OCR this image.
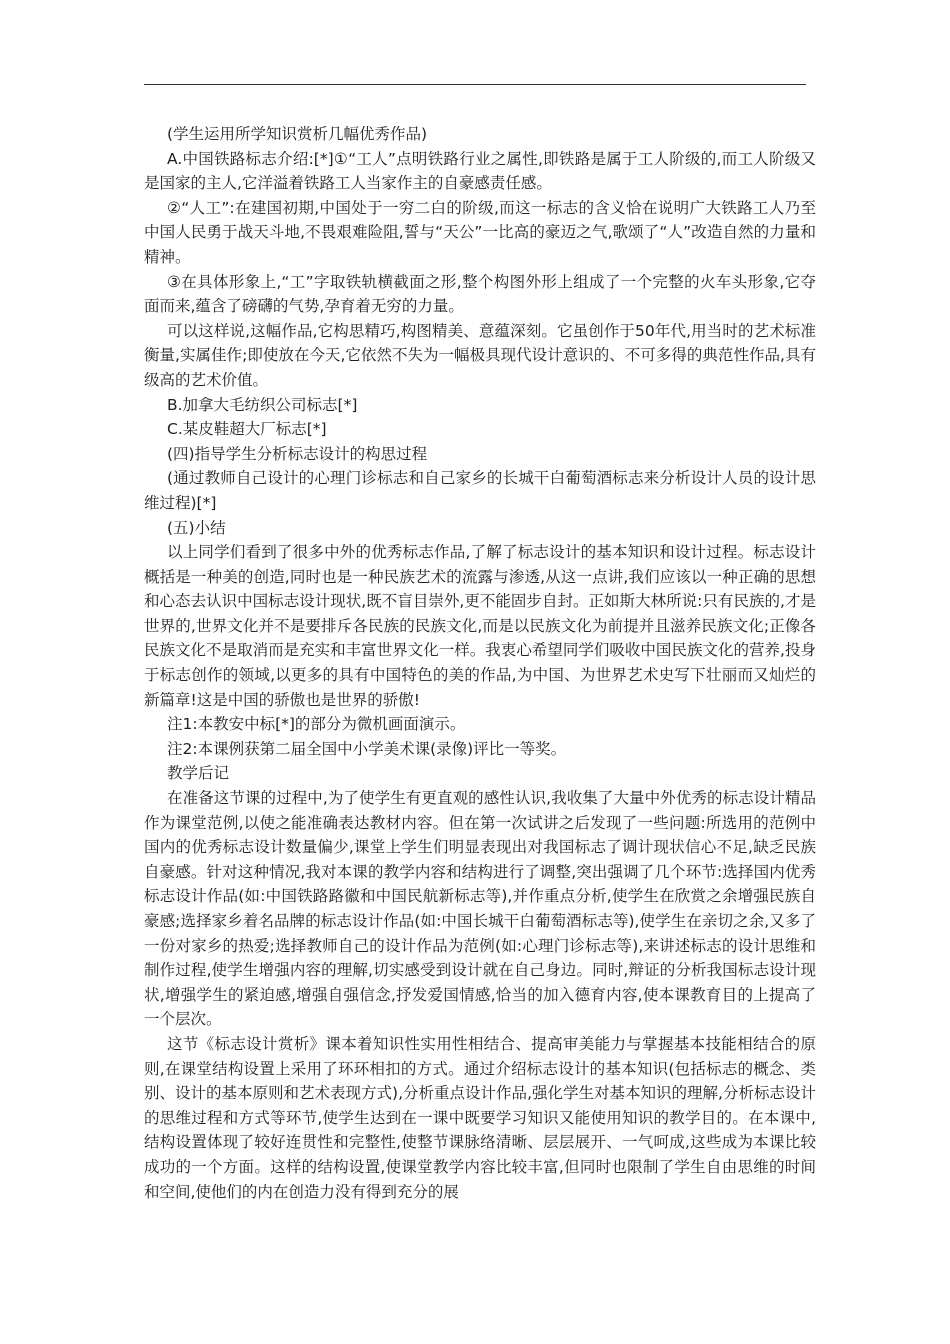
(学生运用所学知识赏析几幅优秀作品)

A.中国铁路标志介绍:[*]①“工人”点明铁路行业之属性,即铁路是属于工人阶级的,而工人阶级又是国家的主人,它洋溢着铁路工人当家作主的自豪感责任感。

②“人工”:在建国初期,中国处于一穷二白的阶级,而这一标志的含义恰在说明广大铁路工人乃至中国人民勇于战天斗地,不畏艰难险阻,誓与“天公”一比高的豪迈之气,歌颂了“人”改造自然的力量和精神。

③在具体形象上,“工”字取铁轨横截面之形,整个构图外形上组成了一个完整的火车头形象,它夺面而来,蕴含了磅礴的气势,孕育着无穷的力量。

可以这样说,这幅作品,它构思精巧,构图精美、意蕴深刻。它虽创作于50年代,用当时的艺术标准衡量,实属佳作;即使放在今天,它依然不失为一幅极具现代设计意识的、不可多得的典范性作品,具有级高的艺术价值。

B.加拿大毛纺织公司标志[*]

C.某皮鞋超大厂标志[*]

(四)指导学生分析标志设计的构思过程

(通过教师自己设计的心理门诊标志和自己家乡的长城干白葡萄酒标志来分析设计人员的设计思维过程)[*]

(五)小结

以上同学们看到了很多中外的优秀标志作品,了解了标志设计的基本知识和设计过程。标志设计概括是一种美的创造,同时也是一种民族艺术的流露与渗透,从这一点讲,我们应该以一种正确的思想和心态去认识中国标志设计现状,既不盲目崇外,更不能固步自封。正如斯大林所说:只有民族的,才是世界的,世界文化并不是要排斥各民族的民族文化,而是以民族文化为前提并且滋养民族文化;正像各民族文化不是取消而是充实和丰富世界文化一样。我衷心希望同学们吸收中国民族文化的营养,投身于标志创作的领域,以更多的具有中国特色的美的作品,为中国、为世界艺术史写下壮丽而又灿烂的新篇章!这是中国的骄傲也是世界的骄傲!

注1:本教安中标[*]的部分为微机画面演示。

注2:本课例获第二届全国中小学美术课(录像)评比一等奖。

教学后记

在准备这节课的过程中,为了使学生有更直观的感性认识,我收集了大量中外优秀的标志设计精品作为课堂范例,以使之能准确表达教材内容。但在第一次试讲之后发现了一些问题:所选用的范例中国内的优秀标志设计数量偏少,课堂上学生们明显表现出对我国标志了调计现状信心不足,缺乏民族自豪感。针对这种情况,我对本课的教学内容和结构进行了调整,突出强调了几个环节:选择国内优秀标志设计作品(如:中国铁路路徽和中国民航新标志等),并作重点分析,使学生在欣赏之余增强民族自豪感;选择家乡着名品牌的标志设计作品(如:中国长城干白葡萄酒标志等),使学生在亲切之余,又多了一份对家乡的热爱;选择教师自己的设计作品为范例(如:心理门诊标志等),来讲述标志的设计思维和制作过程,使学生增强内容的理解,切实感受到设计就在自己身边。同时,辩证的分析我国标志设计现状,增强学生的紧迫感,增强自强信念,抒发爱国情感,恰当的加入德育内容,使本课教育目的上提高了一个层次。

这节《标志设计赏析》课本着知识性实用性相结合、提高审美能力与掌握基本技能相结合的原则,在课堂结构设置上采用了环环相扣的方式。通过介绍标志设计的基本知识(包括标志的概念、类别、设计的基本原则和艺术表现方式),分析重点设计作品,强化学生对基本知识的理解,分析标志设计的思维过程和方式等环节,使学生达到在一课中既要学习知识又能使用知识的教学目的。在本课中,结构设置体现了较好连贯性和完整性,使整节课脉络清晰、层层展开、一气呵成,这些成为本课比较成功的一个方面。这样的结构设置,使课堂教学内容比较丰富,但同时也限制了学生自由思维的时间和空间,使他们的内在创造力没有得到充分的展
